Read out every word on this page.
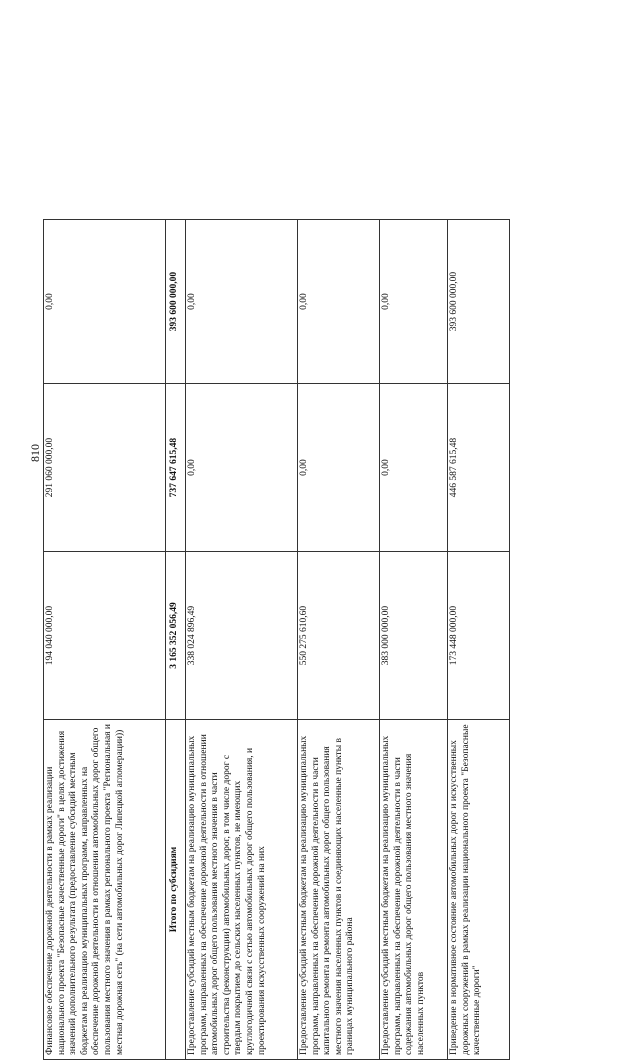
810
Финансовое обеспечение дорожной деятельности в рамках реализации национального проекта "Безопасные качественные дороги" в целях достижения значений дополнительного результата (предоставление субсидий местным бюджетам на реализацию муниципальных программ, направленных на обеспечение дорожной деятельности в отношении автомобильных дорог общего пользования местного значения в рамках регионального проекта "Региональная и местная дорожная сеть" (на сети автомобильных дорог Липецкой агломерации))	194 040 000,00	291 060 000,00	0,00
Итого по субсидиям	3 165 352 056,49	737 647 615,48	393 600 000,00
Предоставление субсидий местным бюджетам на реализацию муниципальных программ, направленных на обеспечение дорожной деятельности в отношении автомобильных дорог общего пользования местного значения в части строительства (реконструкции) автомобильных дорог, в том числе дорог с твердым покрытием до сельских населенных пунктов, не имеющих круглогодичной связи с сетью автомобильных дорог общего пользования, и проектирования искусственных сооружений на них	338 024 896,49	0,00	0,00
Предоставление субсидий местным бюджетам на реализацию муниципальных программ, направленных на обеспечение дорожной деятельности в части капитального ремонта и ремонта автомобильных дорог общего пользования местного значения населенных пунктов и соединяющих населенные пункты в границах муниципального района	550 275 610,60	0,00	0,00
Предоставление субсидий местным бюджетам на реализацию муниципальных программ, направленных на обеспечение дорожной деятельности в части содержания автомобильных дорог общего пользования местного значения населенных пунктов	383 000 000,00	0,00	0,00
Приведение в нормативное состояние автомобильных дорог и искусственных дорожных сооружений в рамках реализации национального проекта "Безопасные качественные дороги"	173 448 000,00	446 587 615,48	393 600 000,00
